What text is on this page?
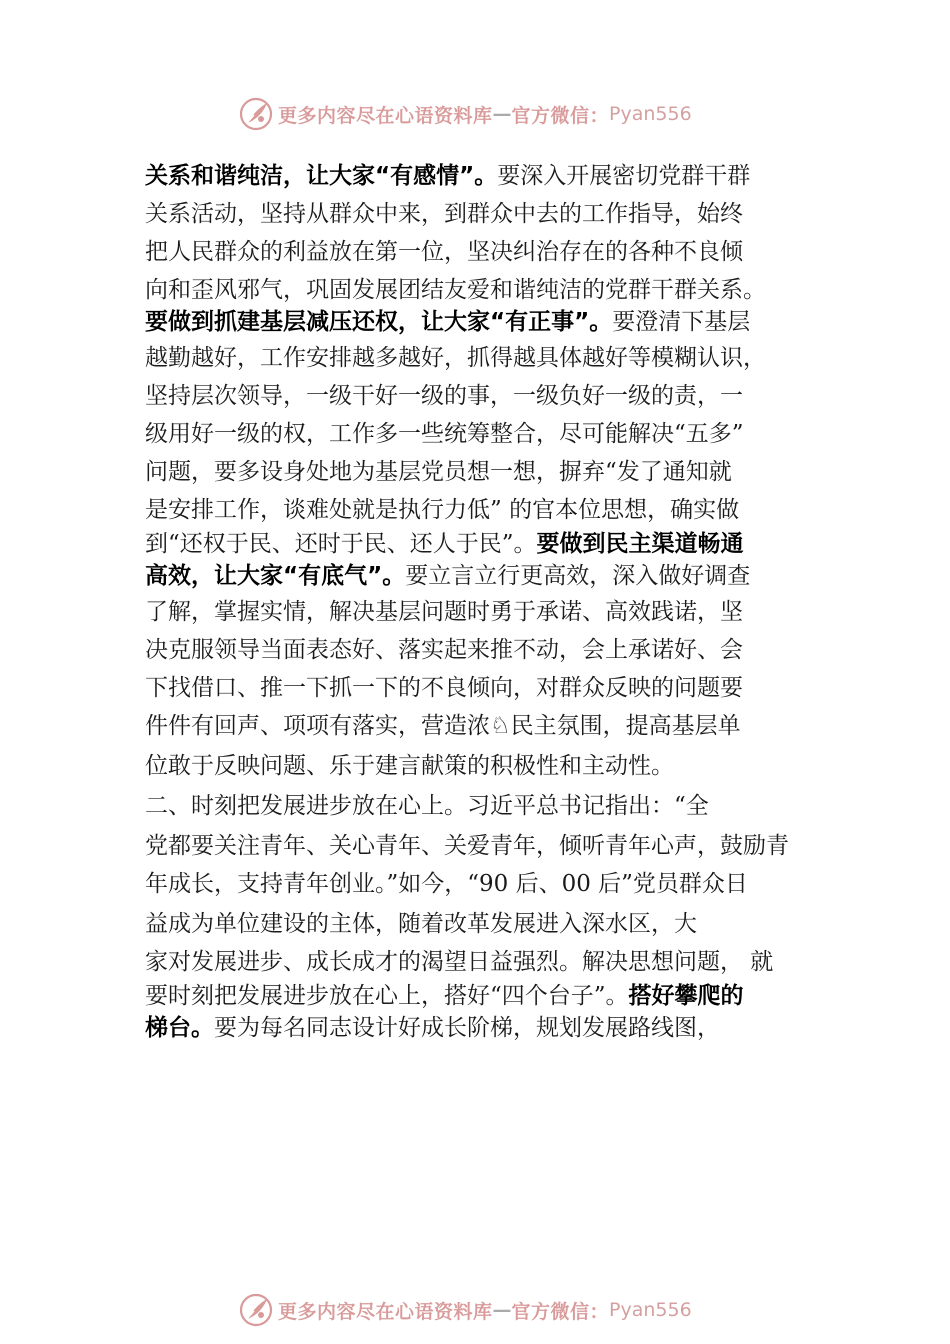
更多内容尽在心语资料库 — 官方微信： Pyan556
关系和谐纯洁，让大家“有感情”。要深入开展密切党群干群
关系活动，坚持从群众中来，到群众中去的工作指导，始终
把人民群众的利益放在第一位，坚决纠治存在的各种不良倾
向和歪风邪气，巩固发展团结友爱和谐纯洁的党群干群关系。
要做到抓建基层减压还权，让大家“有正事”。要澄清下基层
越勤越好，工作安排越多越好，抓得越具体越好等模糊认识，
坚持层次领导，一级干好一级的事，一级负好一级的责，一
级用好一级的权，工作多一些统筹整合，尽可能解决“五多”
问题，要多设身处地为基层党员想一想，摒弃“发了通知就
是安排工作，谈难处就是执行力低” 的官本位思想，确实做
到“还权于民、还时于民、还人于民”。要做到民主渠道畅通
高效，让大家“有底气”。要立言立行更高效，深入做好调查
了解，掌握实情，解决基层问题时勇于承诺、高效践诺，坚
决克服领导当面表态好、落实起来推不动，会上承诺好、会
下找借口、推一下抓一下的不良倾向，对群众反映的问题要
件件有回声、项项有落实，营造浓♘民主氛围，提高基层单
位敢于反映问题、乐于建言献策的积极性和主动性。
二、时刻把发展进步放在心上。习近平总书记指出：“全
党都要关注青年、关心青年、关爱青年，倾听青年心声，鼓励青
年成长，支持青年创业。”如今，“90 后、00 后”党员群众日
益成为单位建设的主体，随着改革发展进入深水区，大
家对发展进步、成长成才的渴望日益强烈。解决思想问题， 就
要时刻把发展进步放在心上，搭好“四个台子”。搭好攀爬的
梯台。要为每名同志设计好成长阶梯，规划发展路线图，
更多内容尽在心语资料库 — 官方微信： Pyan556
